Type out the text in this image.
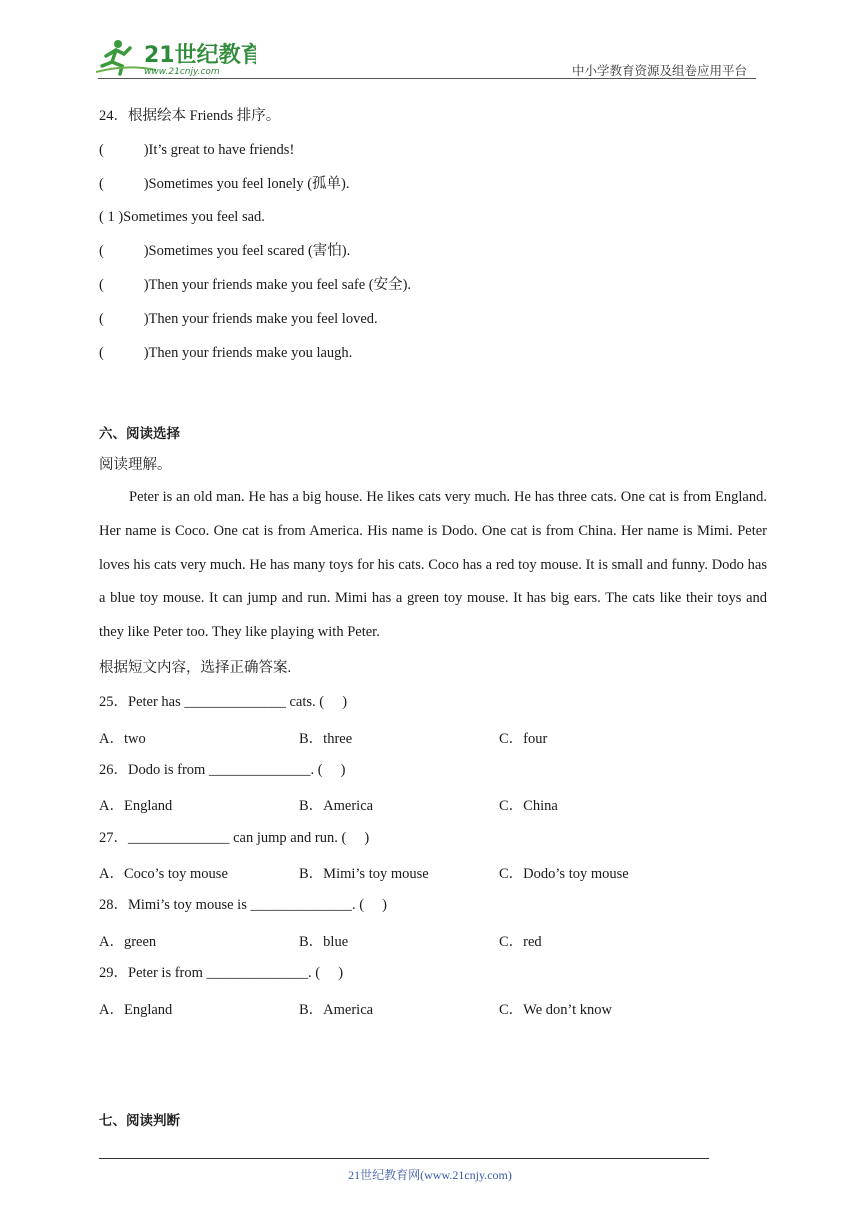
21世纪教育
www.21cnjy.com	中小学教育资源及组卷应用平台
24．根据绘本 Friends 排序。
(           )It’s great to have friends!
(           )Sometimes you feel lonely (孤单).
( 1 )Sometimes you feel sad.
(           )Sometimes you feel scared (害怕).
(           )Then your friends make you feel safe (安全).
(           )Then your friends make you feel loved.
(           )Then your friends make you laugh.
六、阅读选择
阅读理解。
Peter is an old man. He has a big house. He likes cats very much. He has three cats. One cat is from England. Her name is Coco. One cat is from America. His name is Dodo. One cat is from China. Her name is Mimi. Peter loves his cats very much. He has many toys for his cats. Coco has a red toy mouse. It is small and funny. Dodo has a blue toy mouse. It can jump and run. Mimi has a green toy mouse. It has big ears. The cats like their toys and they like Peter too. They like playing with Peter.
根据短文内容，选择正确答案.
25．Peter has ______________ cats. (     )
A．two	B．three	C．four
26．Dodo is from ______________. (     )
A．England	B．America	C．China
27．______________ can jump and run. (     )
A．Coco’s toy mouse	B．Mimi’s toy mouse	C．Dodo’s toy mouse
28．Mimi’s toy mouse is ______________. (     )
A．green	B．blue	C．red
29．Peter is from ______________. (     )
A．England	B．America	C．We don’t know
七、阅读判断
21世纪教育网(www.21cnjy.com)
